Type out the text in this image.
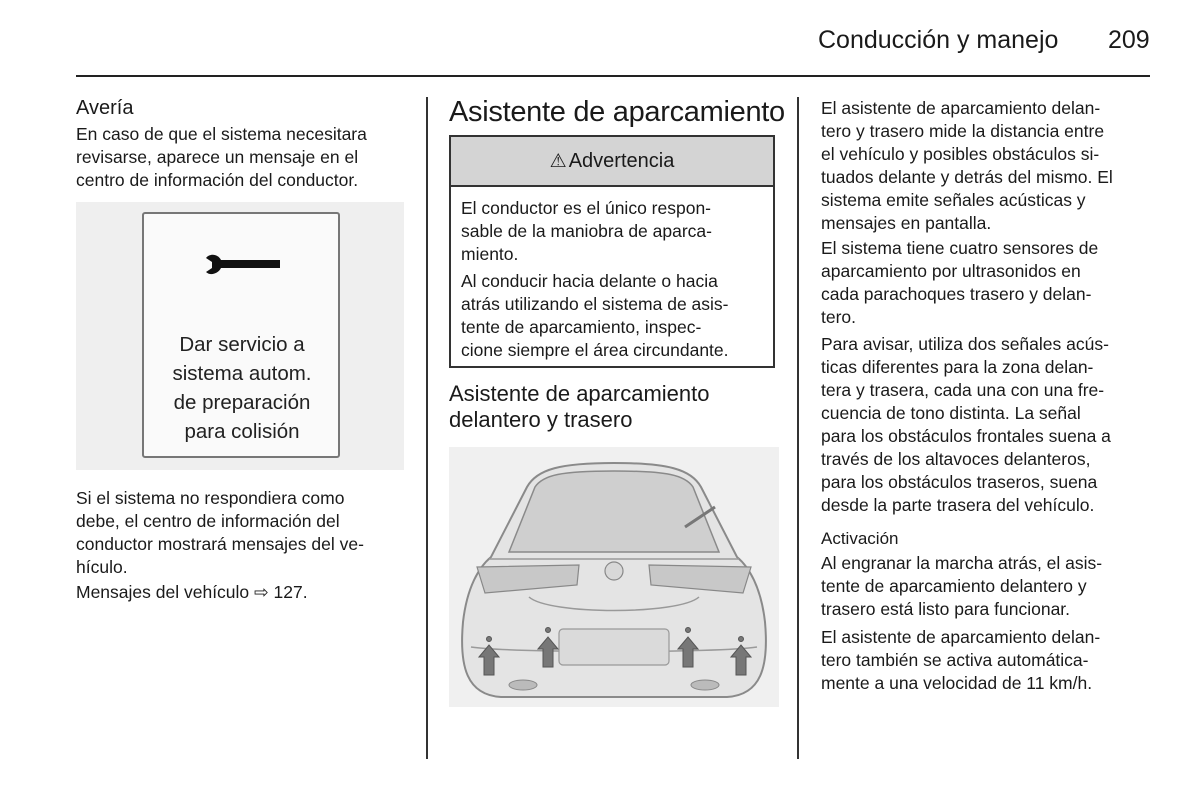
Conducción y manejo 209
Avería
En caso de que el sistema necesitara
revisarse, aparece un mensaje en el
centro de información del conductor.
Dar servicio a
sistema autom.
de preparación
para colisión
Si el sistema no respondiera como
debe, el centro de información del
conductor mostrará mensajes del ve-
hículo.
Mensajes del vehículo ⇨ 127.
Asistente de aparcamiento
⚠ Advertencia

El conductor es el único respon-
sable de la maniobra de aparca-
miento.

Al conducir hacia delante o hacia
atrás utilizando el sistema de asis-
tente de aparcamiento, inspec-
cione siempre el área circundante.

Asistente de aparcamiento
delantero y trasero
El asistente de aparcamiento delan-
tero y trasero mide la distancia entre
el vehículo y posibles obstáculos si-
tuados delante y detrás del mismo. El
sistema emite señales acústicas y
mensajes en pantalla.
El sistema tiene cuatro sensores de
aparcamiento por ultrasonidos en
cada parachoques trasero y delan-
tero.
Para avisar, utiliza dos señales acús-
ticas diferentes para la zona delan-
tera y trasera, cada una con una fre-
cuencia de tono distinta. La señal
para los obstáculos frontales suena a
través de los altavoces delanteros,
para los obstáculos traseros, suena
desde la parte trasera del vehículo.
Activación
Al engranar la marcha atrás, el asis-
tente de aparcamiento delantero y
trasero está listo para funcionar.
El asistente de aparcamiento delan-
tero también se activa automática-
mente a una velocidad de 11 km/h.
